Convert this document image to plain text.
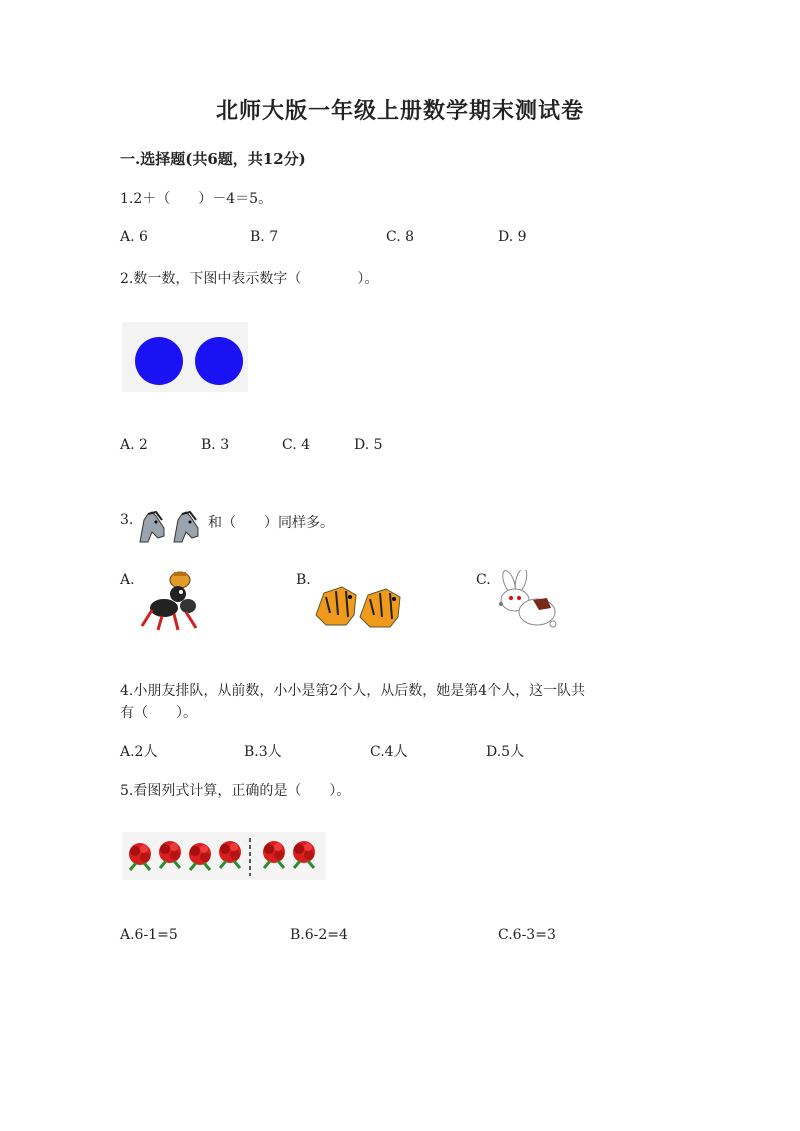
北师大版一年级上册数学期末测试卷
一.选择题(共6题，共12分)
1.2＋（　　）－4＝5。
A. 6	B. 7	C. 8	D. 9
2.数一数，下图中表示数字（　　　　）。
A. 2	B. 3	C. 4	D. 5
3.	和（　　）同样多。
A.	B.	C.
4.小朋友排队，从前数，小小是第2个人，从后数，她是第4个人，这一队共
有（　　）。
A.2人	B.3人	C.4人	D.5人
5.看图列式计算，正确的是（　　）。
A.6-1=5	B.6-2=4	C.6-3=3
